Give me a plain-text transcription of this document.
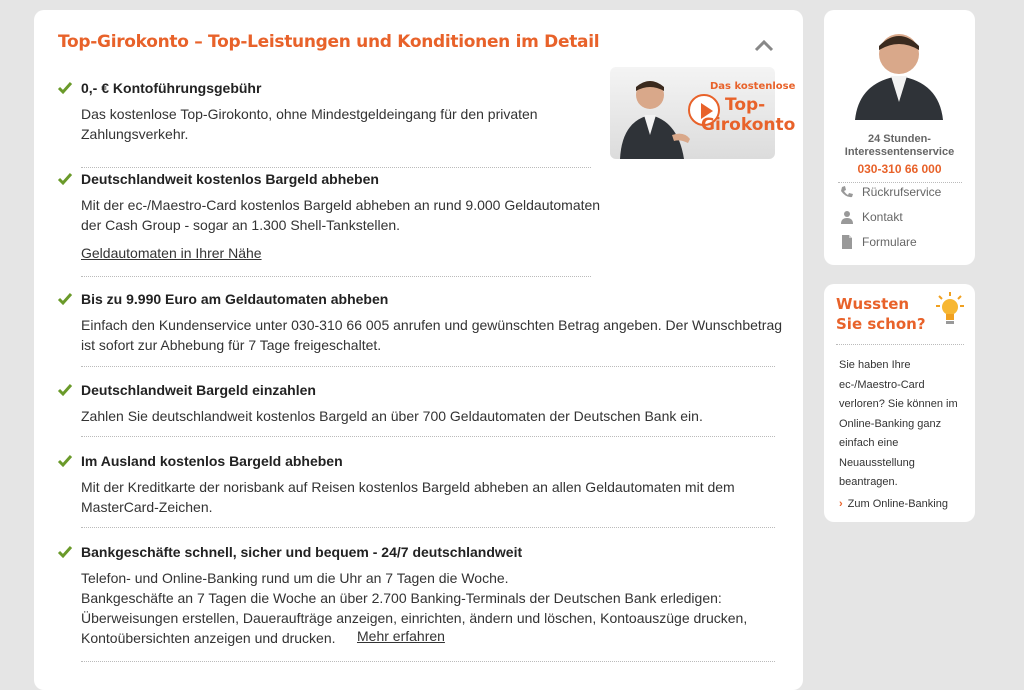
Top-Girokonto – Top-Leistungen und Konditionen im Detail
0,- € Kontoführungsgebühr

Das kostenlose Top-Girokonto, ohne Mindestgeldeingang für den privaten
Zahlungsverkehr.

Deutschlandweit kostenlos Bargeld abheben

Mit der ec-/Maestro-Card kostenlos Bargeld abheben an rund 9.000 Geldautomaten
der Cash Group - sogar an 1.300 Shell-Tankstellen.

Geldautomaten in Ihrer Nähe
Bis zu 9.990 Euro am Geldautomaten abheben

Einfach den Kundenservice unter 030-310 66 005 anrufen und gewünschten Betrag angeben. Der Wunschbetrag
ist sofort zur Abhebung für 7 Tage freigeschaltet.

Deutschlandweit Bargeld einzahlen

Zahlen Sie deutschlandweit kostenlos Bargeld an über 700 Geldautomaten der Deutschen Bank ein.

Im Ausland kostenlos Bargeld abheben

Mit der Kreditkarte der norisbank auf Reisen kostenlos Bargeld abheben an allen Geldautomaten mit dem
MasterCard-Zeichen.

Bankgeschäfte schnell, sicher und bequem - 24/7 deutschlandweit

Telefon- und Online-Banking rund um die Uhr an 7 Tagen die Woche.
Bankgeschäfte an 7 Tagen die Woche an über 2.700 Banking-Terminals der Deutschen Bank erledigen:
Überweisungen erstellen, Daueraufträge anzeigen, einrichten, ändern und löschen, Kontoauszüge drucken,
Kontoübersichten anzeigen und drucken.	Mehr erfahren
Das kostenlose
Top-
Girokonto
24 Stunden-
Interessentenservice
030-310 66 000
Rückrufservice
Kontakt
Formulare
Wussten Sie schon?
Sie haben Ihre ec-/Maestro-Card verloren? Sie können im Online-Banking ganz einfach eine Neuausstellung beantragen.
› Zum Online-Banking
